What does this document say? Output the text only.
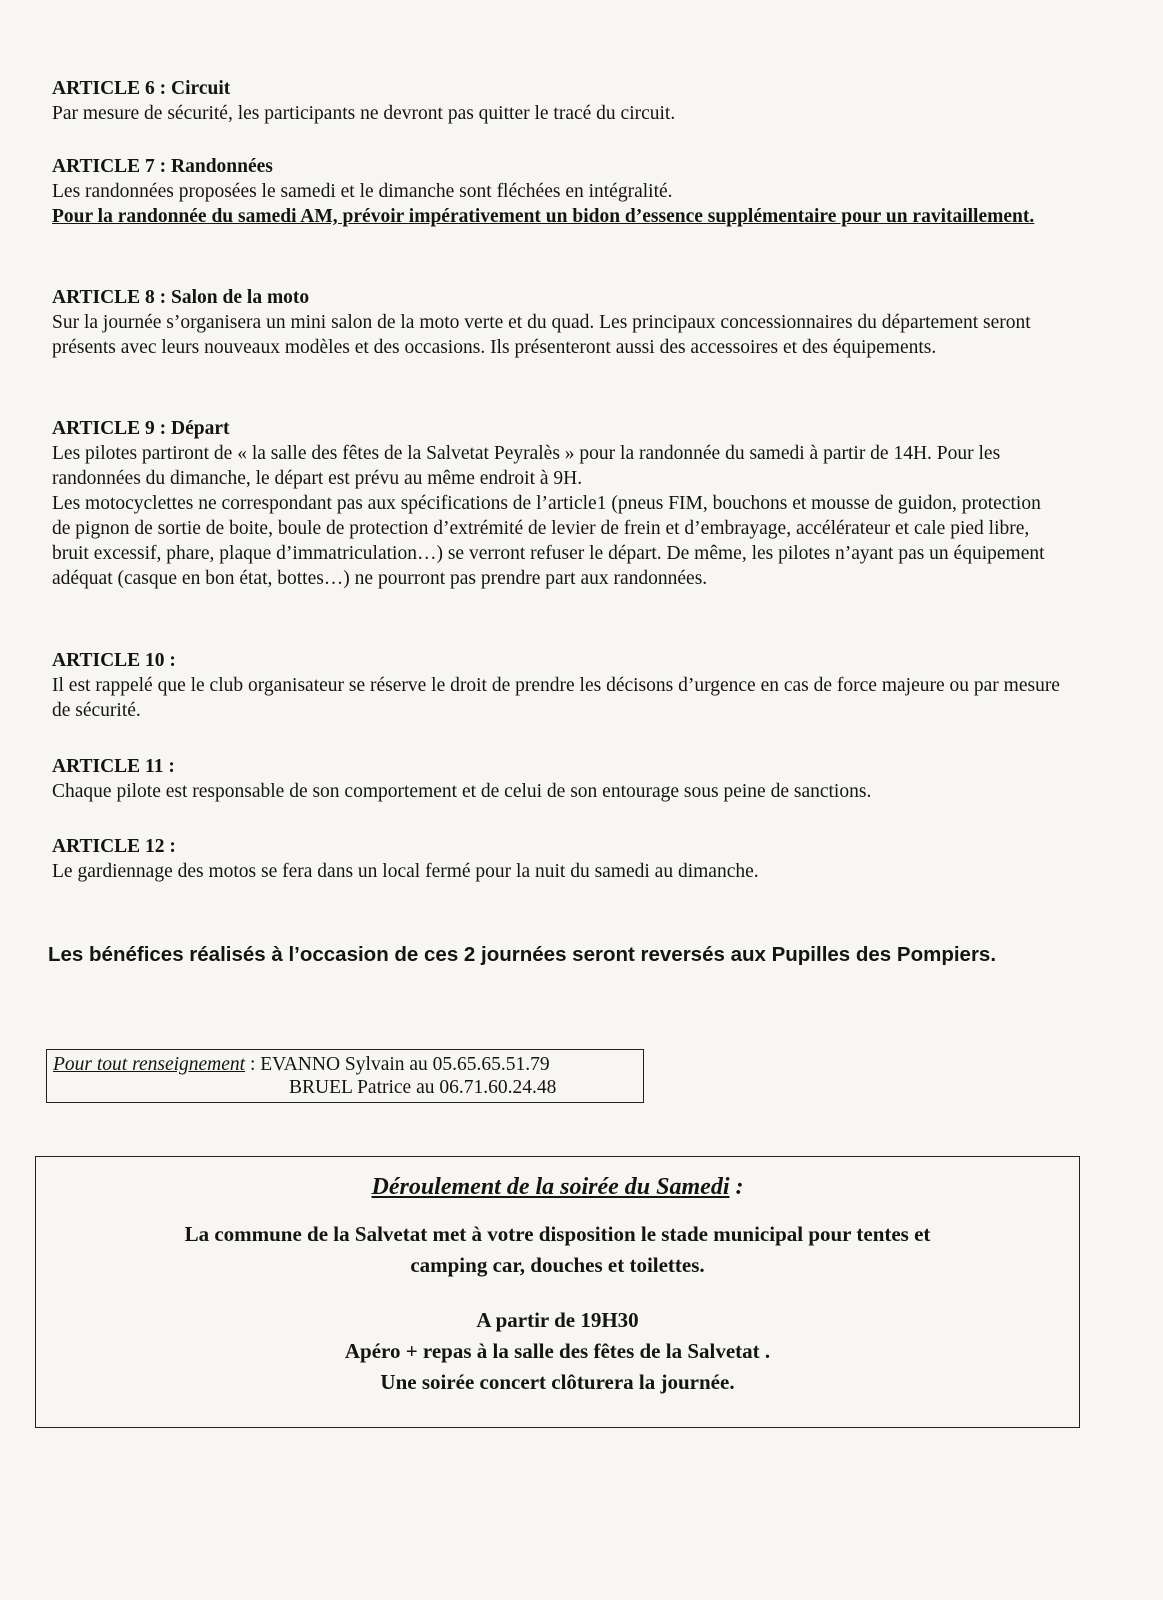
ARTICLE 6 : Circuit

Par mesure de sécurité, les participants ne devront pas quitter le tracé du circuit.

ARTICLE 7 : Randonnées

Les randonnées proposées le samedi et le dimanche sont fléchées en intégralité.

Pour la randonnée du samedi AM, prévoir impérativement un bidon d’essence supplémentaire pour un ravitaillement.

ARTICLE 8 : Salon de la moto

Sur la journée s’organisera un mini salon de la moto verte et du quad. Les principaux concessionnaires du département seront présents avec leurs nouveaux modèles et des occasions. Ils présenteront aussi des accessoires et des équipements.

ARTICLE 9 : Départ

Les pilotes partiront de « la salle des fêtes de la Salvetat Peyralès » pour la randonnée du samedi à partir de 14H. Pour les randonnées du dimanche, le départ est prévu au même endroit à 9H.

Les motocyclettes ne correspondant pas aux spécifications de l’article1 (pneus FIM, bouchons et mousse de guidon, protection de pignon de sortie de boite, boule de protection d’extrémité de levier de frein et d’embrayage, accélérateur et cale pied libre, bruit excessif, phare, plaque d’immatriculation…) se verront refuser le départ. De même, les pilotes n’ayant pas un équipement adéquat (casque en bon état, bottes…) ne pourront pas prendre part aux randonnées.

ARTICLE 10 :

Il est rappelé que le club organisateur se réserve le droit de prendre les décisons d’urgence en cas de force majeure ou par mesure de sécurité.

ARTICLE 11 :

Chaque pilote est responsable de son comportement et de celui de son entourage sous peine de sanctions.

ARTICLE 12 :

Le gardiennage des motos se fera dans un local fermé pour la nuit du samedi au dimanche.

Les bénéfices réalisés à l’occasion de ces 2 journées seront reversés aux Pupilles des Pompiers.
Pour tout renseignement : EVANNO Sylvain au 05.65.65.51.79
BRUEL Patrice au 06.71.60.24.48
Déroulement de la soirée du Samedi :
La commune de la Salvetat met à votre disposition le stade municipal pour tentes et
camping car, douches et toilettes.
A partir de 19H30
Apéro + repas à la salle des fêtes de la Salvetat .
Une soirée concert clôturera la journée.
